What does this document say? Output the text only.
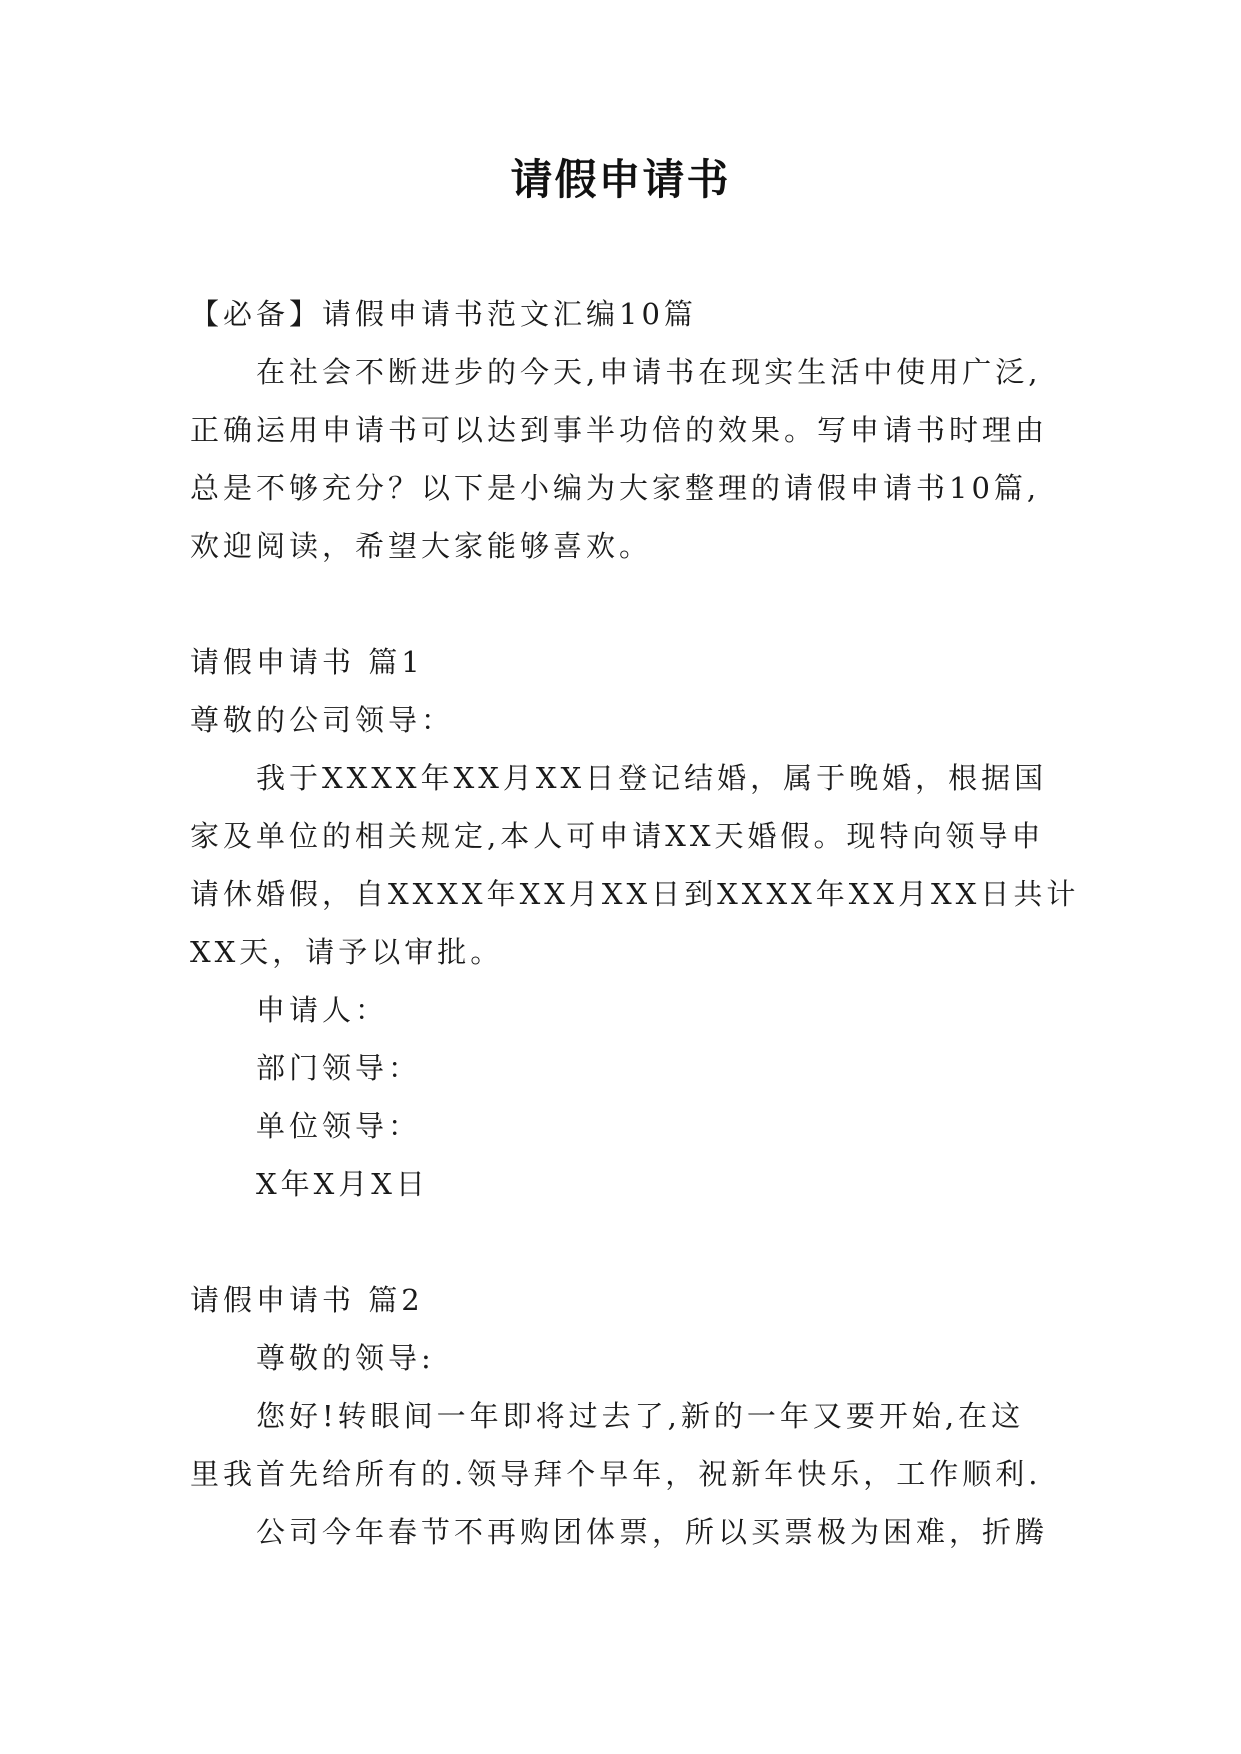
请假申请书
【必备】请假申请书范文汇编10篇
在社会不断进步的今天,申请书在现实生活中使用广泛,
正确运用申请书可以达到事半功倍的效果。写申请书时理由
总是不够充分？以下是小编为大家整理的请假申请书10篇,
欢迎阅读，希望大家能够喜欢。
请假申请书 篇1
尊敬的公司领导：
我于XXXX年XX月XX日登记结婚，属于晚婚，根据国
家及单位的相关规定,本人可申请XX天婚假。现特向领导申
请休婚假，自XXXX年XX月XX日到XXXX年XX月XX日共计
XX天，请予以审批。
申请人：
部门领导：
单位领导：
X年X月X日
请假申请书 篇2
尊敬的领导:
您好!转眼间一年即将过去了,新的一年又要开始,在这
里我首先给所有的.领导拜个早年，祝新年快乐，工作顺利.
公司今年春节不再购团体票，所以买票极为困难，折腾
